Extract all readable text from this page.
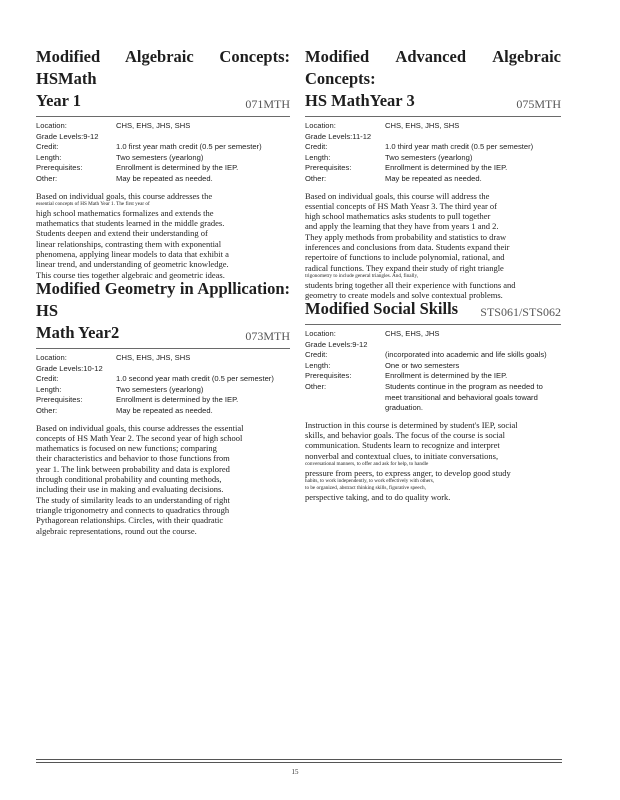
Modified Algebraic Concepts: HSMath
Year 1	071MTH
Location:	CHS, EHS, JHS, SHS
Grade Levels: 9-12
Credit:	1.0 first year math credit (0.5 per semester)
Length:	Two semesters (yearlong)
Prerequisites:	Enrollment is determined by the IEP.
Other:	May be repeated as needed.
Based on individual goals, this course addresses the
essential concepts of HS Math Year 1. The first year of
high school mathematics formalizes and extends the
mathematics that students learned in the middle grades.
Students deepen and extend their understanding of
linear relationships, contrasting them with exponential
phenomena, applying linear models to data that exhibit a
linear trend, and understanding of geometric knowledge.
This course ties together algebraic and geometric ideas.
Modified Advanced Algebraic Concepts:
HS MathYear 3	075MTH
Location:	CHS, EHS, JHS, SHS
Grade Levels: 11-12
Credit:	1.0 third year math credit (0.5 per semester)
Length:	Two semesters (yearlong)
Prerequisites:	Enrollment is determined by the IEP.
Other:	May be repeated as needed.
Based on individual goals, this course will address the
essential concepts of HS Math Yeasr 3. The third year of
high school mathematics asks students to pull together
and apply the learning that they have from years 1 and 2.
They apply methods from probability and statistics to draw
inferences and conclusions from data. Students expand their
repertoire of functions to include polynomial, rational, and
radical functions. They expand their study of right triangle
trigonometry to include general triangles. And, finally,
students bring together all their experience with functions and
geometry to create models and solve contextual problems.
Modified Geometry in Appllication: HS
Math Year2	073MTH
Location:	CHS, EHS, JHS, SHS
Grade Levels: 10-12
Credit:	1.0 second year math credit (0.5 per semester)
Length:	Two semesters (yearlong)
Prerequisites:	Enrollment is determined by the IEP.
Other:	May be repeated as needed.
Based on individual goals, this course addresses the essential
concepts of HS Math Year 2. The second year of high school
mathematics is focused on new functions; comparing
their characteristics and behavior to those functions from
year 1. The link between probability and data is explored
through conditional probability and counting methods,
including their use in making and evaluating decisions.
The study of similarity leads to an understanding of right
triangle trigonometry and connects to quadratics through
Pythagorean relationships. Circles, with their quadratic
algebraic representations, round out the course.
Modified Social Skills	STS061/STS062
Location:	CHS, EHS, JHS
Grade Levels: 9-12
Credit:	(incorporated into academic and life skills goals)
Length:	One or two semesters
Prerequisites:	Enrollment is determined by the IEP.
Other:	Students continue in the program as needed to meet transitional and behavioral goals toward graduation.
Instruction in this course is determined by student's IEP, social
skills, and behavior goals. The focus of the course is social
communication. Students learn to recognize and interpret
nonverbal and contextual clues, to initiate conversations,
conversational manners, to offer and ask for help, to handle
pressure from peers, to express anger, to develop good study
habits, to work independently, to work effectively with others,
to be organized, abstract thinking skills, figurative speech,
perspective taking, and to do quality work.
15
